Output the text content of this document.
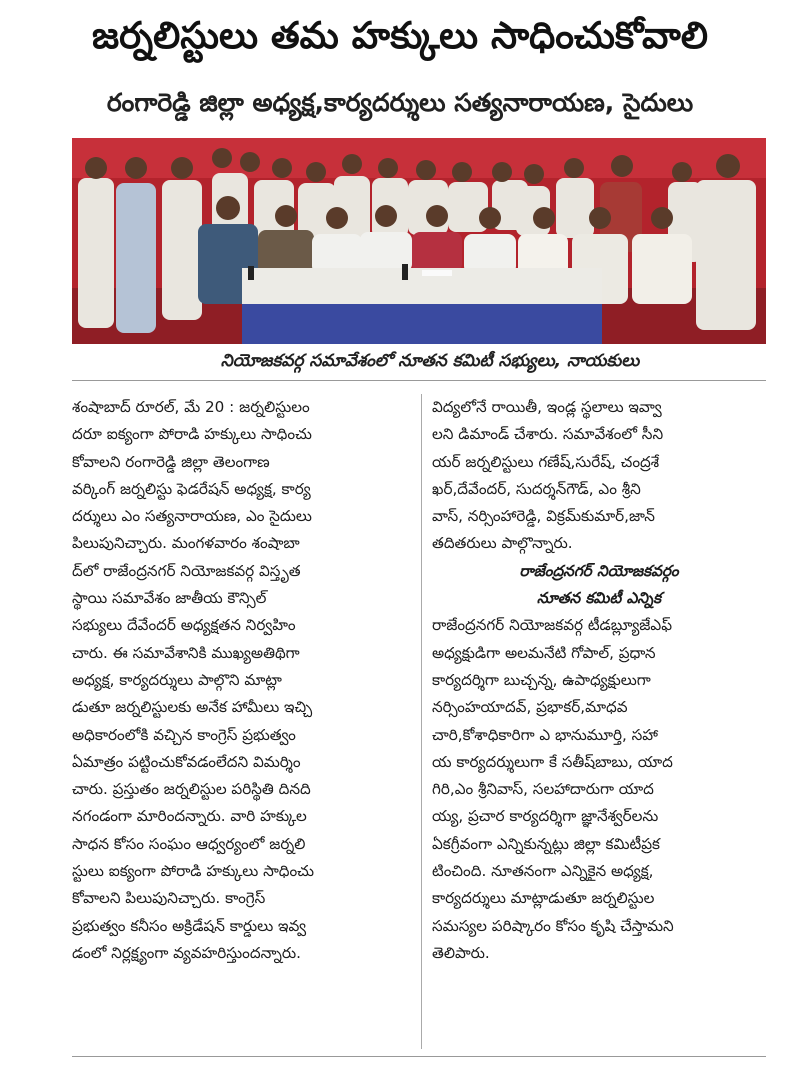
జర్నలిస్టులు తమ హక్కులు సాధించుకోవాలి
రంగారెడ్డి జిల్లా అధ్యక్ష,కార్యదర్శులు సత్యనారాయణ, సైదులు
నియోజకవర్గ సమావేశంలో నూతన కమిటీ సభ్యులు, నాయకులు

శంషాబాద్ రూరల్, మే 20 : జర్నలిస్టులం
దరూ ఐక్యంగా పోరాడి హక్కులు సాధించు
కోవాలని రంగారెడ్డి జిల్లా తెలంగాణ
వర్కింగ్ జర్నలిస్టు ఫెడరేషన్ అధ్యక్ష, కార్య
దర్శులు ఎం సత్యనారాయణ, ఎం సైదులు
పిలుపునిచ్చారు. మంగళవారం శంషాబా
ద్‌లో రాజేంద్రనగర్ నియోజకవర్గ విస్తృత
స్థాయి సమావేశం జాతీయ కౌన్సిల్
సభ్యులు దేవేందర్ అధ్యక్షతన నిర్వహిం
చారు. ఈ సమావేశానికి ముఖ్యఅతిథిగా
అధ్యక్ష, కార్యదర్శులు పాల్గొని మాట్లా
డుతూ జర్నలిస్టులకు అనేక హామీలు ఇచ్చి
అధికారంలోకి వచ్చిన కాంగ్రెస్ ప్రభుత్వం
ఏమాత్రం పట్టించుకోవడంలేదని విమర్శిం
చారు. ప్రస్తుతం జర్నలిస్టుల పరిస్థితి దినది
నగండంగా మారిందన్నారు. వారి హక్కుల
సాధన కోసం సంఘం ఆధ్వర్యంలో జర్నలి
స్టులు ఐక్యంగా పోరాడి హక్కులు సాధించు
కోవాలని పిలుపునిచ్చారు. కాంగ్రెస్
ప్రభుత్వం కనీసం అక్రిడేషన్ కార్డులు ఇవ్వ
డంలో నిర్లక్ష్యంగా వ్యవహరిస్తుందన్నారు.

విద్యలోనే రాయితీ, ఇండ్ల స్థలాలు ఇవ్వా
లని డిమాండ్ చేశారు. సమావేశంలో సీని
యర్ జర్నలిస్టులు గణేష్,సురేష్, చంద్రశే
ఖర్,దేవేందర్, సుదర్శన్‌గౌడ్, ఎం శ్రీని
వాస్, నర్సింహారెడ్డి, విక్రమ్‌కుమార్,జాన్
తదితరులు పాల్గొన్నారు.

రాజేంద్రనగర్ నియోజకవర్గం
నూతన కమిటీ ఎన్నిక

రాజేంద్రనగర్ నియోజకవర్గ టీడబ్ల్యూజేఎఫ్
అధ్యక్షుడిగా అలమనేటి గోపాల్, ప్రధాన
కార్యదర్శిగా బుచ్చన్న, ఉపాధ్యక్షులుగా
నర్సింహయాదవ్, ప్రభాకర్,మాధవ
చారి,కోశాధికారిగా ఎ భానుమూర్తి, సహా
య కార్యదర్శులుగా కే సతీష్‌బాబు, యాద
గిరి,ఎం శ్రీనివాస్, సలహాదారుగా యాద
య్య, ప్రచార కార్యదర్శిగా జ్ఞానేశ్వర్‌లను
ఏకగ్రీవంగా ఎన్నికున్నట్లు జిల్లా కమిటీప్రక
టించింది. నూతనంగా ఎన్నికైన అధ్యక్ష,
కార్యదర్శులు మాట్లాడుతూ జర్నలిస్టుల
సమస్యల పరిష్కారం కోసం కృషి చేస్తామని
తెలిపారు.
